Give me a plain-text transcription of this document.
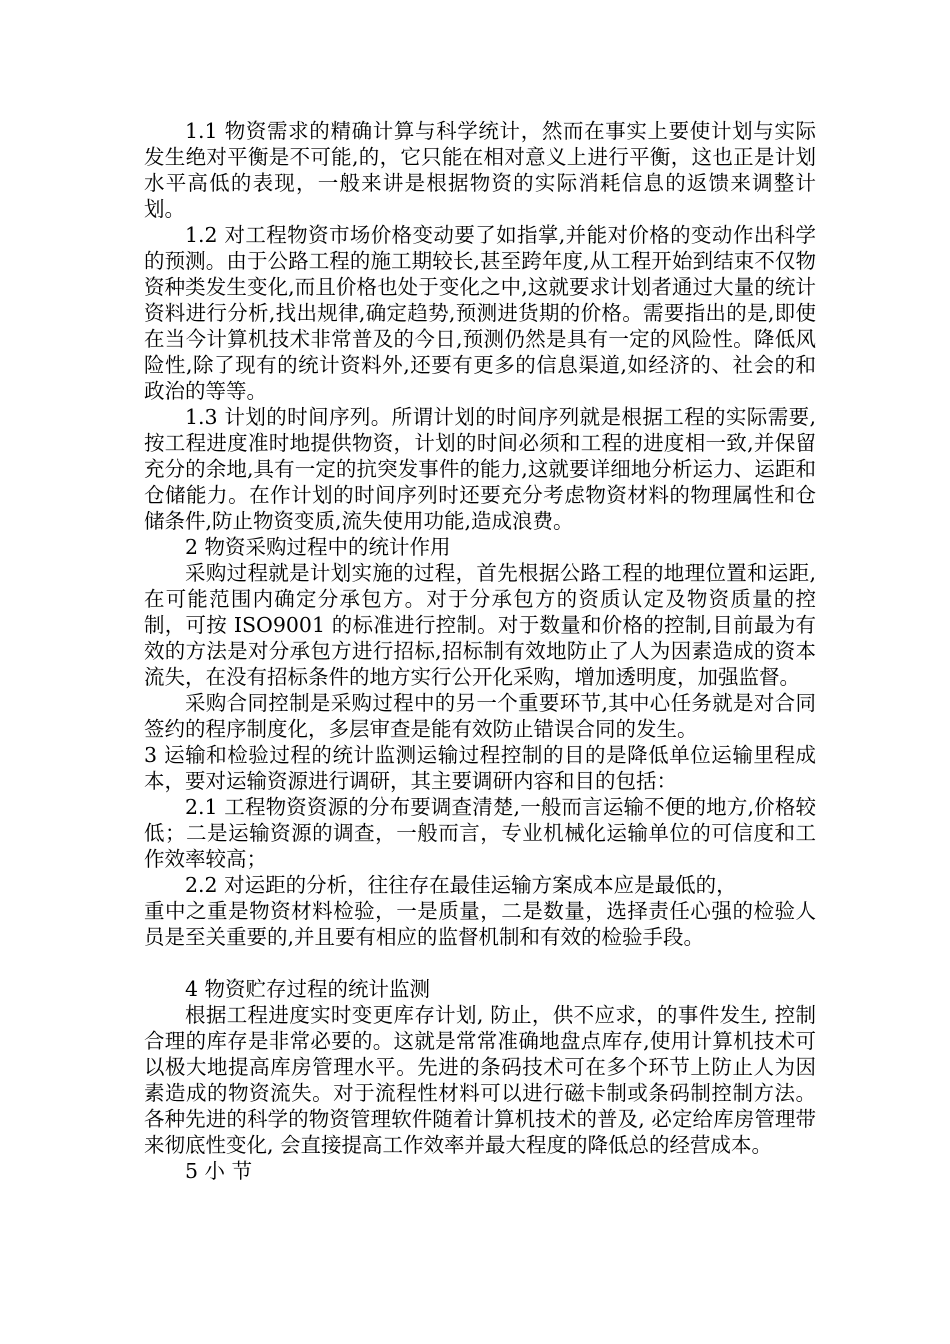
1.1 物资需求的精确计算与科学统计，然而在事实上要使计划与实际发生绝对平衡是不可能,的，它只能在相对意义上进行平衡，这也正是计划水平高低的表现，一般来讲是根据物资的实际消耗信息的返馈来调整计划。

1.2 对工程物资市场价格变动要了如指掌,并能对价格的变动作出科学的预测。由于公路工程的施工期较长,甚至跨年度,从工程开始到结束不仅物资种类发生变化,而且价格也处于变化之中,这就要求计划者通过大量的统计资料进行分析,找出规律,确定趋势,预测进货期的价格。需要指出的是,即使在当今计算机技术非常普及的今日,预测仍然是具有一定的风险性。降低风险性,除了现有的统计资料外,还要有更多的信息渠道,如经济的、社会的和政治的等等。

1.3 计划的时间序列。所谓计划的时间序列就是根据工程的实际需要,按工程进度准时地提供物资，计划的时间必须和工程的进度相一致,并保留充分的余地,具有一定的抗突发事件的能力,这就要详细地分析运力、运距和仓储能力。在作计划的时间序列时还要充分考虑物资材料的物理属性和仓储条件,防止物资变质,流失使用功能,造成浪费。

2 物资采购过程中的统计作用

采购过程就是计划实施的过程，首先根据公路工程的地理位置和运距,在可能范围内确定分承包方。对于分承包方的资质认定及物资质量的控制，可按 ISO9001 的标准进行控制。对于数量和价格的控制,目前最为有效的方法是对分承包方进行招标,招标制有效地防止了人为因素造成的资本流失，在没有招标条件的地方实行公开化采购，增加透明度，加强监督。

采购合同控制是采购过程中的另一个重要环节,其中心任务就是对合同签约的程序制度化，多层审查是能有效防止错误合同的发生。

3 运输和检验过程的统计监测运输过程控制的目的是降低单位运输里程成本，要对运输资源进行调研，其主要调研内容和目的包括：

2.1 工程物资资源的分布要调查清楚,一般而言运输不便的地方,价格较低；二是运输资源的调查，一般而言，专业机械化运输单位的可信度和工作效率较高；

2.2 对运距的分析，往往存在最佳运输方案成本应是最低的，

重中之重是物资材料检验，一是质量，二是数量，选择责任心强的检验人员是至关重要的,并且要有相应的监督机制和有效的检验手段。

4 物资贮存过程的统计监测

根据工程进度实时变更库存计划, 防止，供不应求，的事件发生, 控制合理的库存是非常必要的。这就是常常准确地盘点库存,使用计算机技术可以极大地提高库房管理水平。先进的条码技术可在多个环节上防止人为因素造成的物资流失。对于流程性材料可以进行磁卡制或条码制控制方法。各种先进的科学的物资管理软件随着计算机技术的普及, 必定给库房管理带来彻底性变化, 会直接提高工作效率并最大程度的降低总的经营成本。

5 小 节
